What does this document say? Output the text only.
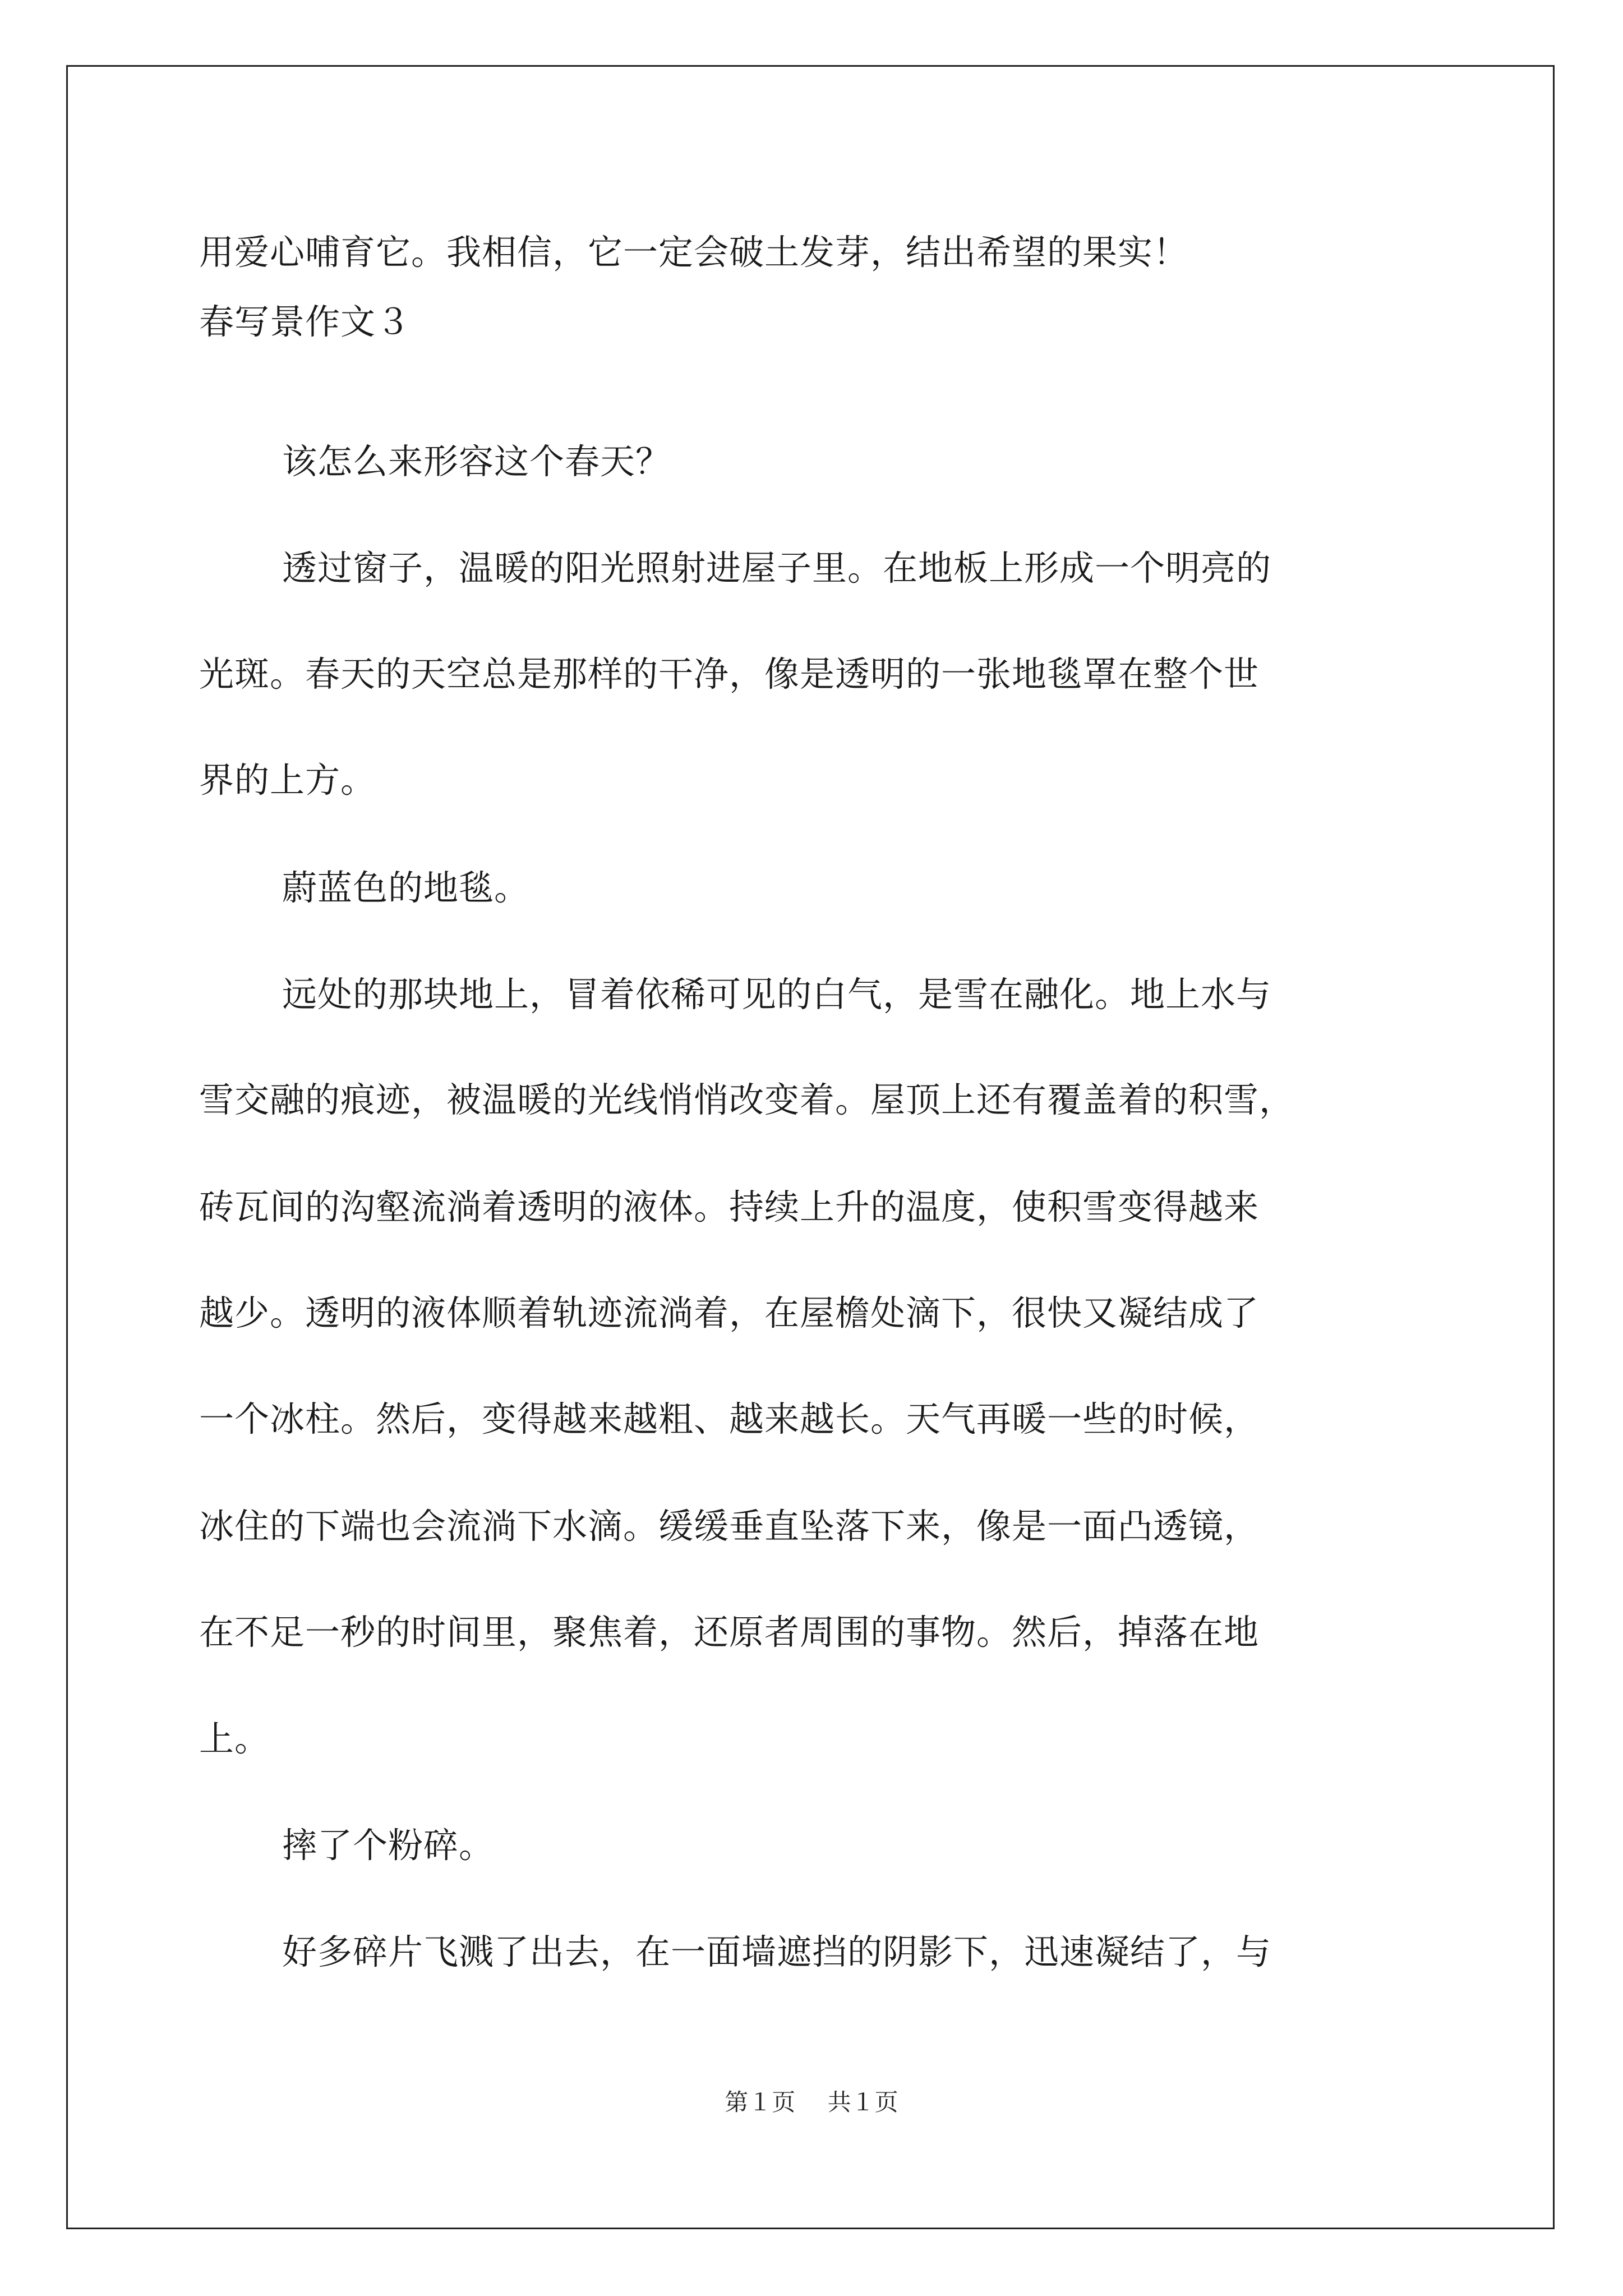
用爱心哺育它。我相信，它一定会破土发芽，结出希望的果实！
春写景作文３
该怎么来形容这个春天？
透过窗子，温暖的阳光照射进屋子里。在地板上形成一个明亮的
光斑。春天的天空总是那样的干净，像是透明的一张地毯罩在整个世
界的上方。
蔚蓝色的地毯。
远处的那块地上，冒着依稀可见的白气，是雪在融化。地上水与
雪交融的痕迹，被温暖的光线悄悄改变着。屋顶上还有覆盖着的积雪，
砖瓦间的沟壑流淌着透明的液体。持续上升的温度，使积雪变得越来
越少。透明的液体顺着轨迹流淌着，在屋檐处滴下，很快又凝结成了
一个冰柱。然后，变得越来越粗、越来越长。天气再暖一些的时候，
冰住的下端也会流淌下水滴。缓缓垂直坠落下来，像是一面凸透镜，
在不足一秒的时间里，聚焦着，还原者周围的事物。然后，掉落在地
上。
摔了个粉碎。
好多碎片飞溅了出去，在一面墙遮挡的阴影下，迅速凝结了，与
第１页 共１页
